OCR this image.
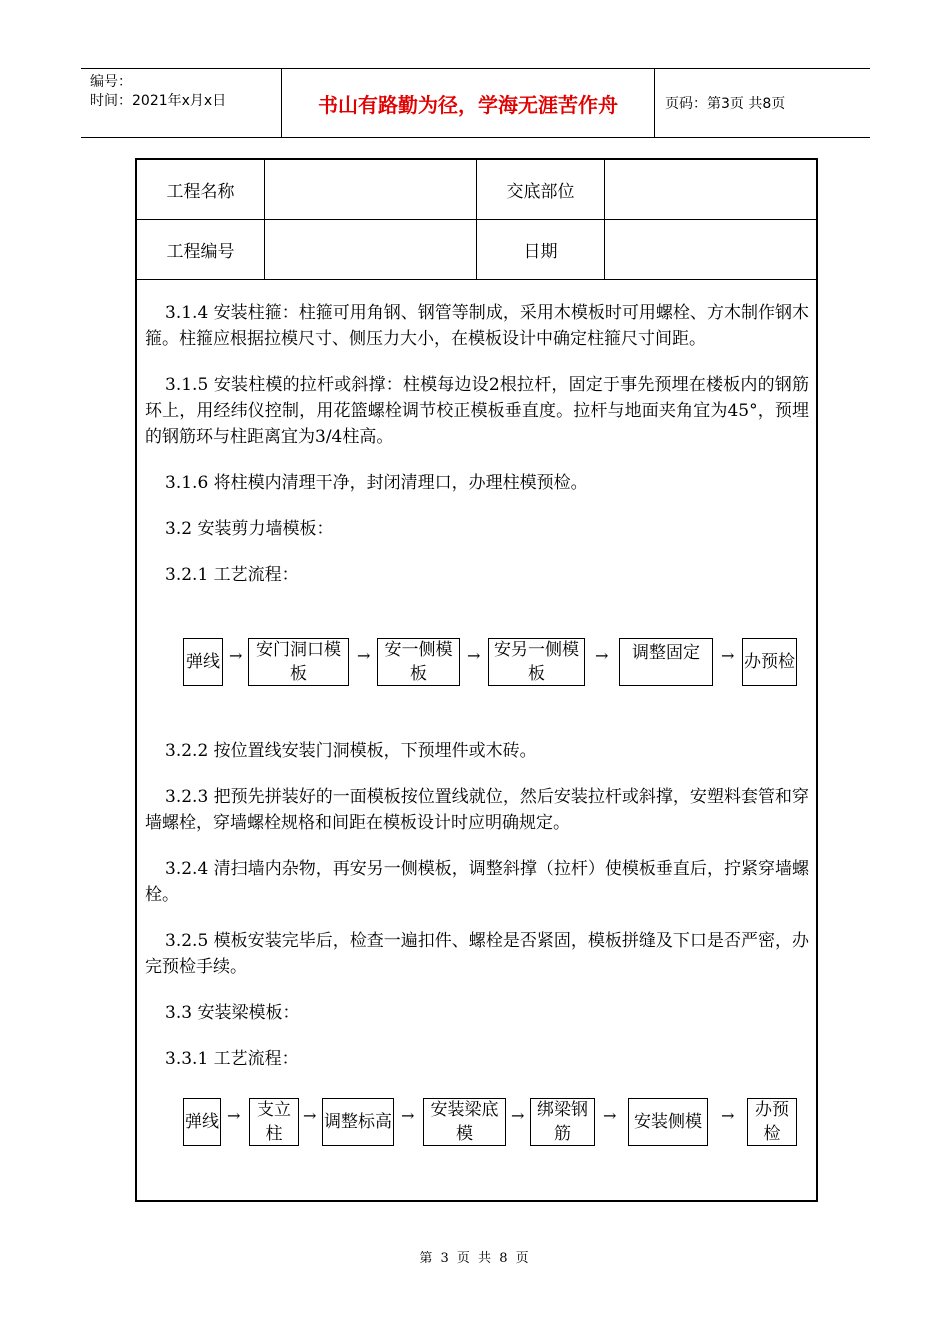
编号：
时间：2021年x月x日	书山有路勤为径，学海无涯苦作舟	页码：第3页 共8页
工程名称	交底部位
工程编号	日期

3.1.4 安装柱箍：柱箍可用角钢、钢管等制成，采用木模板时可用螺栓、方木制作钢木箍。柱箍应根据拉模尺寸、侧压力大小，在模板设计中确定柱箍尺寸间距。

3.1.5 安装柱模的拉杆或斜撑：柱模每边设2根拉杆，固定于事先预埋在楼板内的钢筋环上，用经纬仪控制，用花篮螺栓调节校正模板垂直度。拉杆与地面夹角宜为45°，预埋的钢筋环与柱距离宜为3/4柱高。

3.1.6 将柱模内清理干净，封闭清理口，办理柱模预检。

3.2 安装剪力墙模板：

3.2.1 工艺流程：

弹线 → 安门洞口模板
→ 安一侧模板
→ 安另一侧模板
→	调整固定	→ 办预检

3.2.2 按位置线安装门洞模板，下预埋件或木砖。

3.2.3 把预先拼装好的一面模板按位置线就位，然后安装拉杆或斜撑，安塑料套管和穿墙螺栓，穿墙螺栓规格和间距在模板设计时应明确规定。

3.2.4 清扫墙内杂物，再安另一侧模板，调整斜撑（拉杆）使模板垂直后，拧紧穿墙螺栓。

3.2.5 模板安装完毕后，检查一遍扣件、螺栓是否紧固，模板拼缝及下口是否严密，办完预检手续。

3.3 安装梁模板：

3.3.1 工艺流程：

弹线 → 支立柱
→ 调整标高 → 安装梁底模
→ 绑梁钢筋
→	安装侧模	→	办预检
第 3 页 共 8 页
